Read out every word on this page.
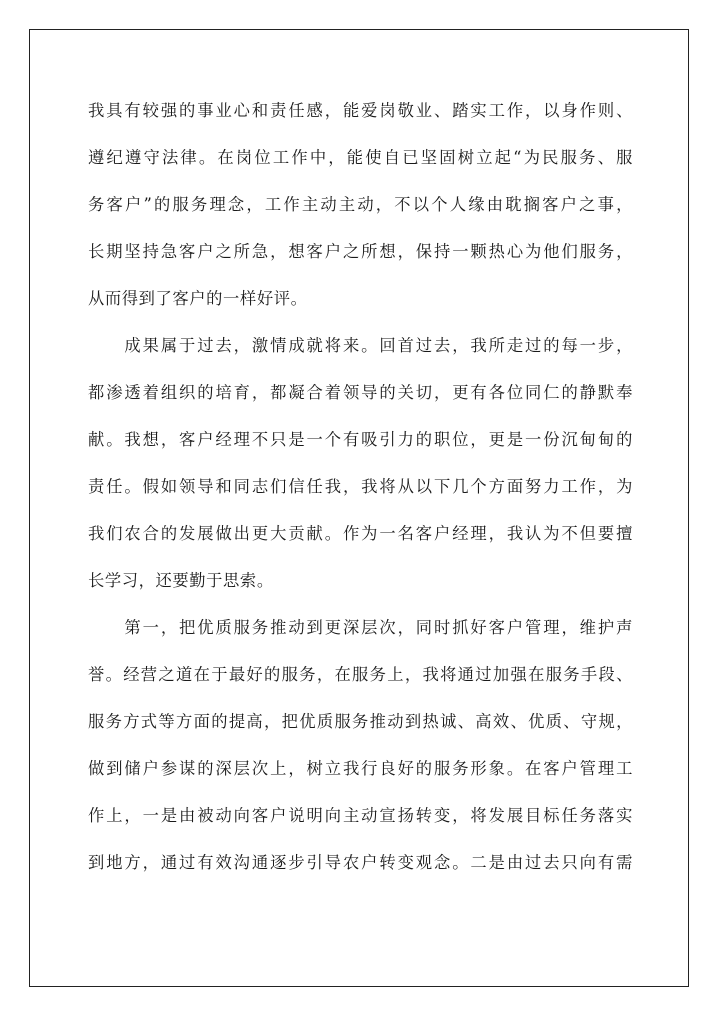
我具有较强的事业心和责任感，能爱岗敬业、踏实工作，以身作则、
遵纪遵守法律。在岗位工作中，能使自已坚固树立起“为民服务、服
务客户”的服务理念，工作主动主动，不以个人缘由耽搁客户之事，
长期坚持急客户之所急，想客户之所想，保持一颗热心为他们服务，
从而得到了客户的一样好评。
　　成果属于过去，激情成就将来。回首过去，我所走过的每一步，
都渗透着组织的培育，都凝合着领导的关切，更有各位同仁的静默奉
献。我想，客户经理不只是一个有吸引力的职位，更是一份沉甸甸的
责任。假如领导和同志们信任我，我将从以下几个方面努力工作，为
我们农合的发展做出更大贡献。作为一名客户经理，我认为不但要擅
长学习，还要勤于思索。
　　第一，把优质服务推动到更深层次，同时抓好客户管理，维护声
誉。经营之道在于最好的服务，在服务上，我将通过加强在服务手段、
服务方式等方面的提高，把优质服务推动到热诚、高效、优质、守规，
做到储户参谋的深层次上，树立我行良好的服务形象。在客户管理工
作上，一是由被动向客户说明向主动宣扬转变，将发展目标任务落实
到地方，通过有效沟通逐步引导农户转变观念。二是由过去只向有需
